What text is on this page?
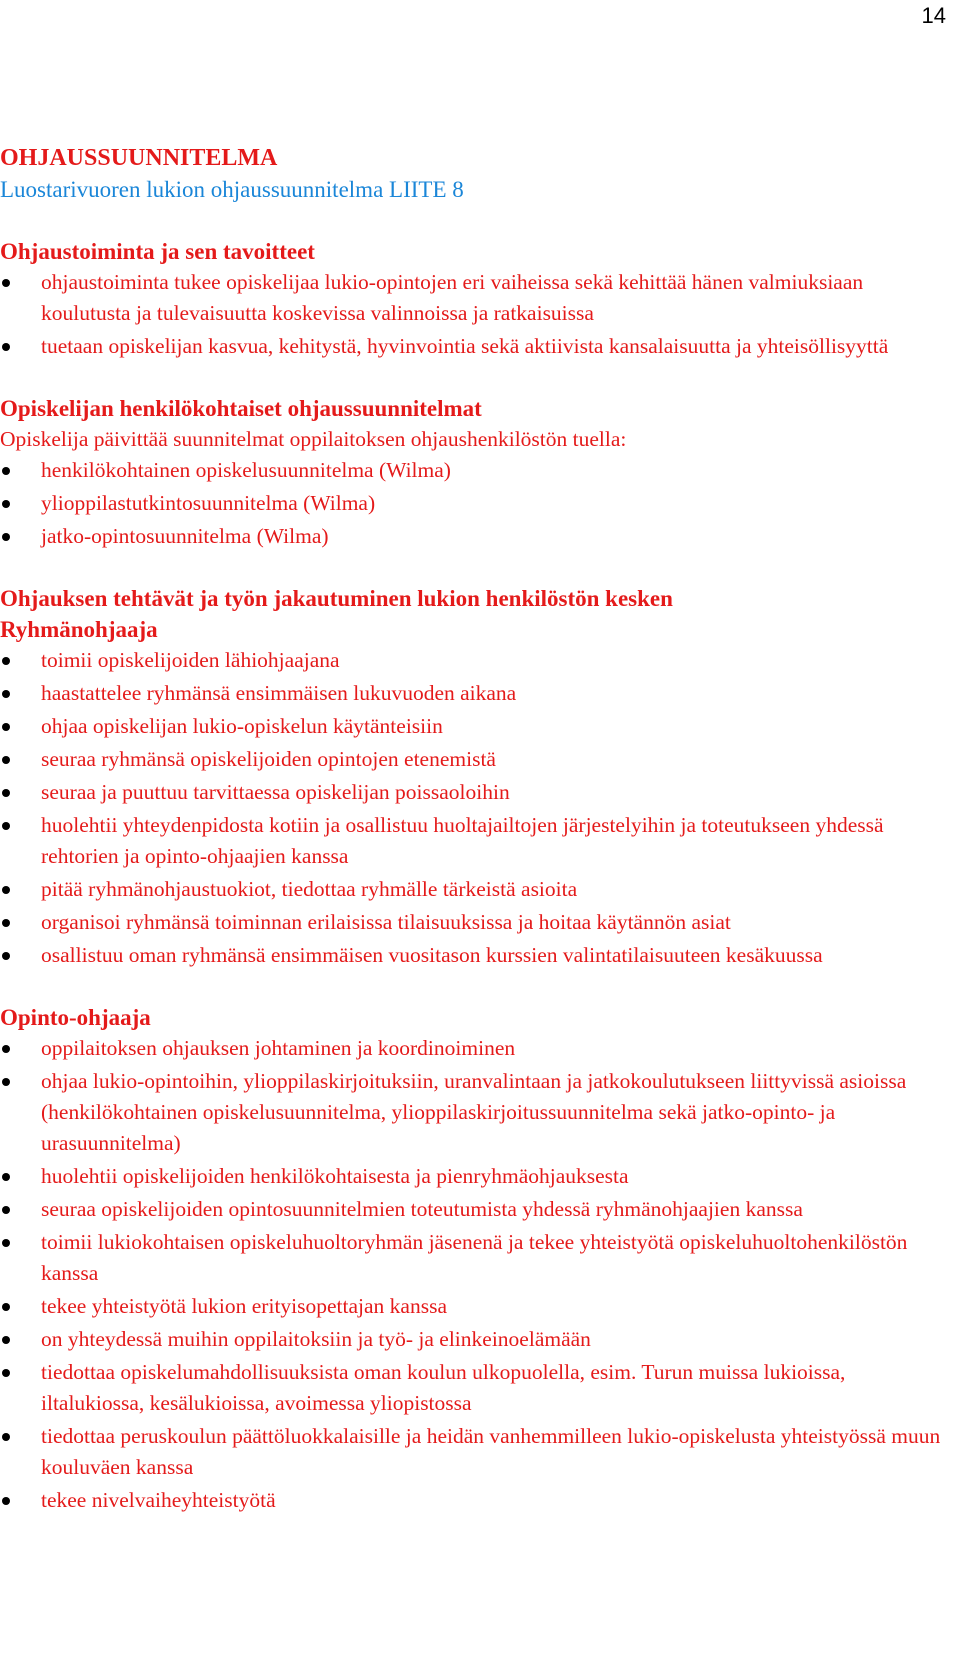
14
OHJAUSSUUNNITELMA

Luostarivuoren lukion ohjaussuunnitelma LIITE 8

Ohjaustoiminta ja sen tavoitteet
ohjaustoiminta tukee opiskelijaa lukio-opintojen eri vaiheissa sekä kehittää hänen valmiuksiaan koulutusta ja tulevaisuutta koskevissa valinnoissa ja ratkaisuissa
tuetaan opiskelijan kasvua, kehitystä, hyvinvointia sekä aktiivista kansalaisuutta ja yhteisöllisyyttä
Opiskelijan henkilökohtaiset ohjaussuunnitelmat

Opiskelija päivittää suunnitelmat oppilaitoksen ohjaushenkilöstön tuella:

henkilökohtainen opiskelusuunnitelma (Wilma)
ylioppilastutkintosuunnitelma (Wilma)
jatko-opintosuunnitelma (Wilma)
Ohjauksen tehtävät ja työn jakautuminen lukion henkilöstön kesken
Ryhmänohjaaja
toimii opiskelijoiden lähiohjaajana
haastattelee ryhmänsä ensimmäisen lukuvuoden aikana
ohjaa opiskelijan lukio-opiskelun käytänteisiin
seuraa ryhmänsä opiskelijoiden opintojen etenemistä
seuraa ja puuttuu tarvittaessa opiskelijan poissaoloihin
huolehtii yhteydenpidosta kotiin ja osallistuu huoltajailtojen järjestelyihin ja toteutukseen yhdessä rehtorien ja opinto-ohjaajien kanssa
pitää ryhmänohjaustuokiot, tiedottaa ryhmälle tärkeistä asioita
organisoi ryhmänsä toiminnan erilaisissa tilaisuuksissa ja hoitaa käytännön asiat
osallistuu oman ryhmänsä ensimmäisen vuositason kurssien valintatilaisuuteen kesäkuussa
Opinto-ohjaaja
oppilaitoksen ohjauksen johtaminen ja koordinoiminen
ohjaa lukio-opintoihin, ylioppilaskirjoituksiin, uranvalintaan ja jatkokoulutukseen liittyvissä asioissa (henkilökohtainen opiskelusuunnitelma, ylioppilaskirjoitussuunnitelma sekä jatko-opinto- ja urasuunnitelma)
huolehtii opiskelijoiden henkilökohtaisesta ja pienryhmäohjauksesta
seuraa opiskelijoiden opintosuunnitelmien toteutumista yhdessä ryhmänohjaajien kanssa
toimii lukiokohtaisen opiskeluhuoltoryhmän jäsenenä ja tekee yhteistyötä opiskeluhuoltohenkilöstön kanssa
tekee yhteistyötä lukion erityisopettajan kanssa
on yhteydessä muihin oppilaitoksiin ja työ- ja elinkeinoelämään
tiedottaa opiskelumahdollisuuksista oman koulun ulkopuolella, esim. Turun muissa lukioissa, iltalukiossa, kesälukioissa, avoimessa yliopistossa
tiedottaa peruskoulun päättöluokkalaisille ja heidän vanhemmilleen lukio-opiskelusta yhteistyössä muun kouluväen kanssa
tekee nivelvaiheyhteistyötä
